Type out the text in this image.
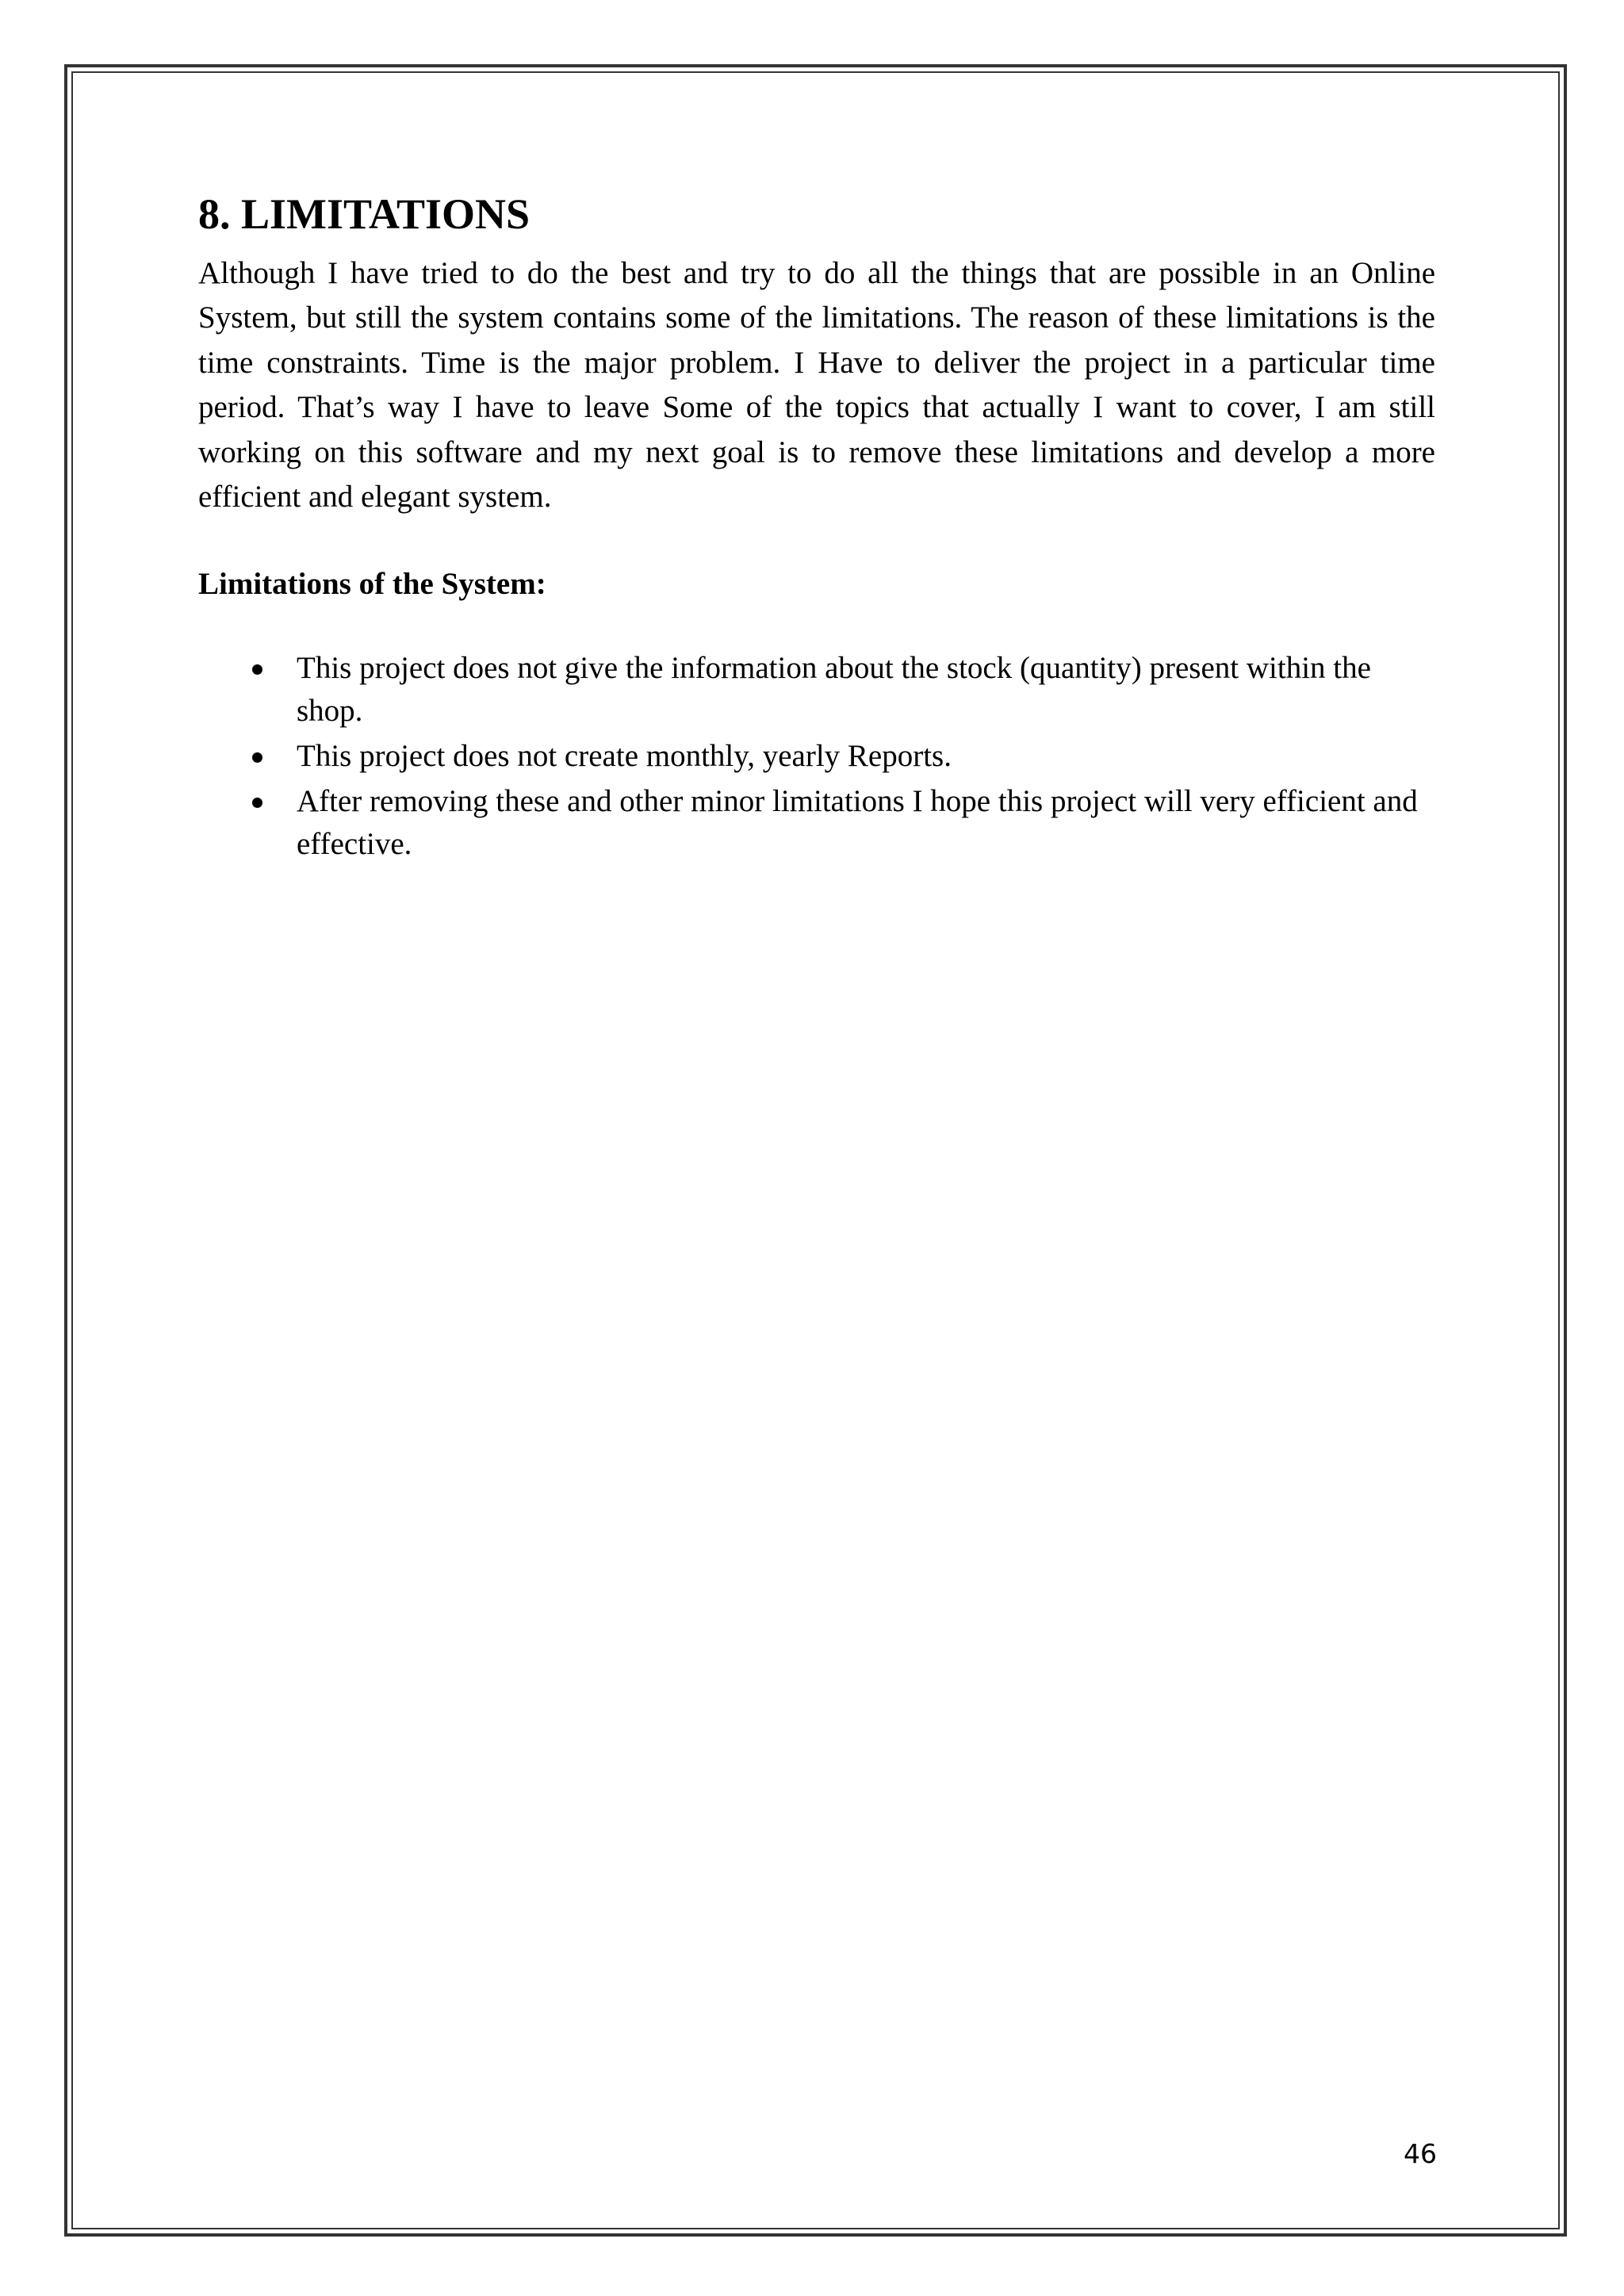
8. LIMITATIONS

Although I have tried to do the best and try to do all the things that are possible in an Online System, but still the system contains some of the limitations. The reason of these limitations is the time constraints. Time is the major problem. I Have to deliver the project in a particular time period. That’s way I have to leave Some of the topics that actually I want to cover, I am still working on this software and my next goal is to remove these limitations and develop a more efficient and elegant system.

Limitations of the System:

This project does not give the information about the stock (quantity) present within the shop.
This project does not create monthly, yearly Reports.
After removing these and other minor limitations I hope this project will very efficient and effective.
46
